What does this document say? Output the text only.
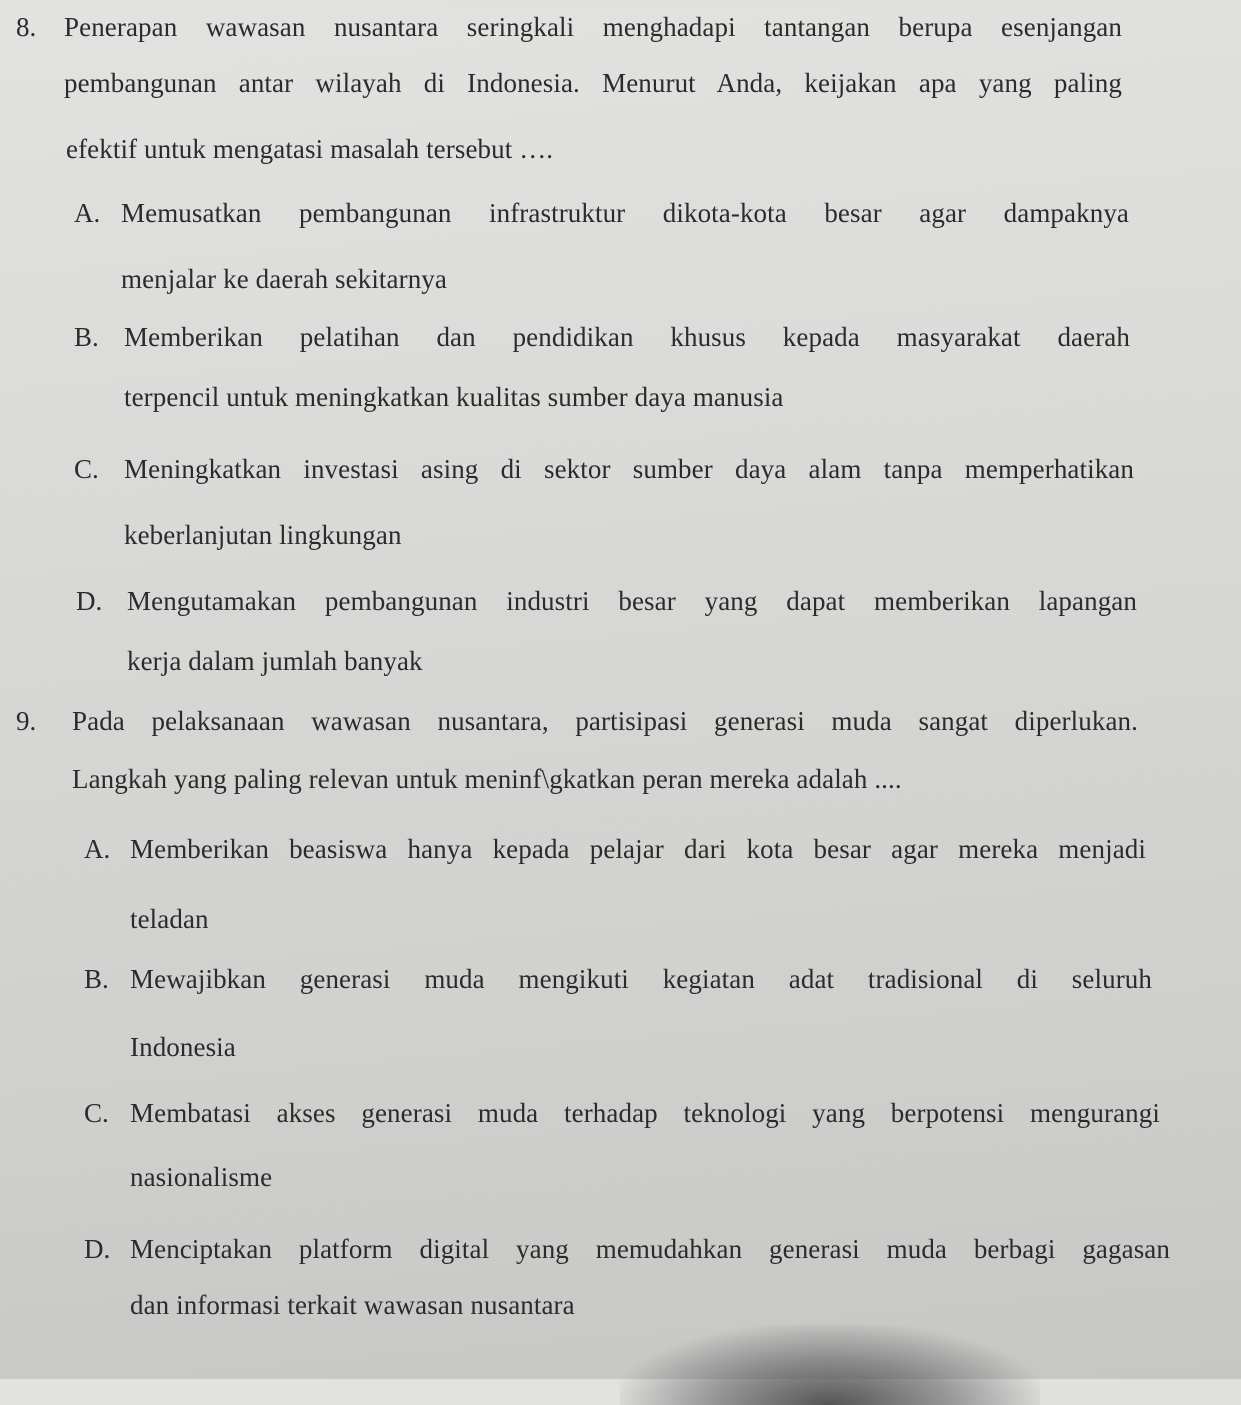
8. Penerapan wawasan nusantara seringkali menghadapi tantangan berupa esenjangan
pembangunan antar wilayah di Indonesia. Menurut Anda, keijakan apa yang paling
efektif untuk mengatasi masalah tersebut ….
A. Memusatkan pembangunan infrastruktur dikota-kota besar agar dampaknya
menjalar ke daerah sekitarnya
B. Memberikan pelatihan dan pendidikan khusus kepada masyarakat daerah
terpencil untuk meningkatkan kualitas sumber daya manusia
C. Meningkatkan investasi asing di sektor sumber daya alam tanpa memperhatikan
keberlanjutan lingkungan
D. Mengutamakan pembangunan industri besar yang dapat memberikan lapangan
kerja dalam jumlah banyak
9. Pada pelaksanaan wawasan nusantara, partisipasi generasi muda sangat diperlukan.
Langkah yang paling relevan untuk meninf\gkatkan peran mereka adalah ....
A. Memberikan beasiswa hanya kepada pelajar dari kota besar agar mereka menjadi
teladan
B. Mewajibkan generasi muda mengikuti kegiatan adat tradisional di seluruh
Indonesia
C. Membatasi akses generasi muda terhadap teknologi yang berpotensi mengurangi
nasionalisme
D. Menciptakan platform digital yang memudahkan generasi muda berbagi gagasan
dan informasi terkait wawasan nusantara
